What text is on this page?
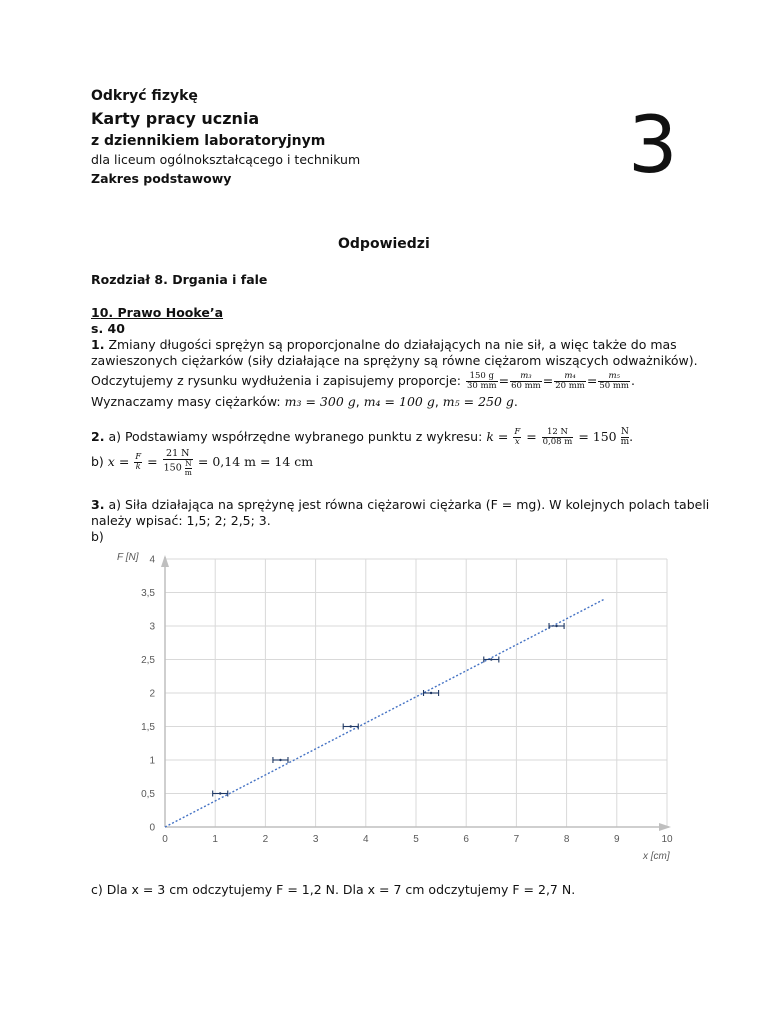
Odkryć fizykę
Karty pracy ucznia
z dziennikiem laboratoryjnym
dla liceum ogólnokształcącego i technikum
Zakres podstawowy	3
Odpowiedzi
Rozdział 8. Drgania i fale
10. Prawo Hooke’a
s. 40
1. Zmiany długości sprężyn są proporcjonalne do działających na nie sił, a więc także do mas
zawieszonych ciężarków (siły działające na sprężyny są równe ciężarom wiszących odważników).
Odczytujemy z rysunku wydłużenia i zapisujemy proporcje: $\frac{150 g}{30 mm} = \frac{\text{m₃}}{60 mm} = \frac{\text{m₄}}{20 mm} = \frac{\text{m₅}}{50 mm}$ .
Wyznaczamy masy ciężarków: m₃ = 300 g, m₄ = 100 g, m₅ = 250 g.
2. a) Podstawiamy współrzędne wybranego punktu z wykresu: $k = \frac{F}{x} = \frac{12 N}{0,08 m} = 150 \frac{N}{m}$ .
b) $x = \frac{F}{k} = \frac{21 N}{150 \frac{N}{m}} = 0,14$ m = 14 cm
3. a) Siła działająca na sprężynę jest równa ciężarowi ciężarka (F = mg). W kolejnych polach tabeli
należy wpisać: 1,5; 2; 2,5; 3.
b)
0	1	2	3	4	5	6	7	8	9	10
0
0,5
1
1,5
2
2,5
3
3,5
4
F [N]
x [cm]
c) Dla x = 3 cm odczytujemy F = 1,2 N. Dla x = 7 cm odczytujemy F = 2,7 N.
